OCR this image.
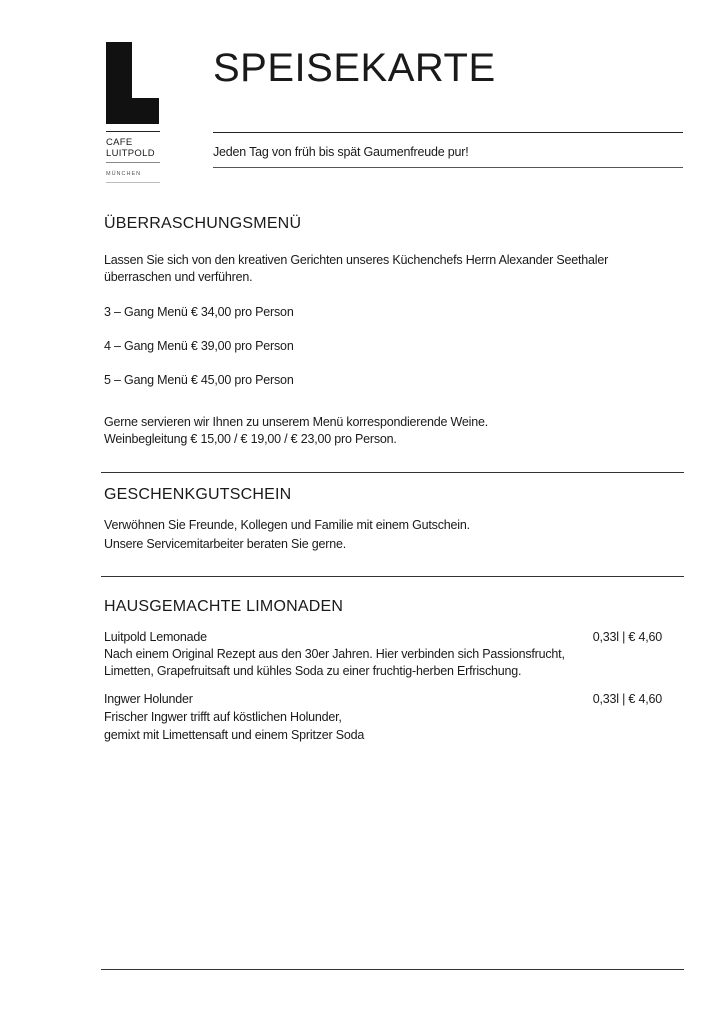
CAFE
LUITPOLD
MÜNCHEN
SPEISEKARTE
Jeden Tag von früh bis spät Gaumenfreude pur!
ÜBERRASCHUNGSMENÜ
Lassen Sie sich von den kreativen Gerichten unseres Küchenchefs Herrn Alexander Seethaler
überraschen und verführen.
3 – Gang Menü € 34,00 pro Person
4 – Gang Menü € 39,00 pro Person
5 – Gang Menü € 45,00 pro Person
Gerne servieren wir Ihnen zu unserem Menü korrespondierende Weine.
Weinbegleitung € 15,00 / € 19,00 / € 23,00 pro Person.
GESCHENKGUTSCHEIN
Verwöhnen Sie Freunde, Kollegen und Familie mit einem Gutschein.
Unsere Servicemitarbeiter beraten Sie gerne.
HAUSGEMACHTE LIMONADEN
Luitpold Lemonade	0,33l | € 4,60
Nach einem Original Rezept aus den 30er Jahren. Hier verbinden sich Passionsfrucht,
Limetten, Grapefruitsaft und kühles Soda zu einer fruchtig-herben Erfrischung.
Ingwer Holunder	0,33l | € 4,60
Frischer Ingwer trifft auf köstlichen Holunder,
gemixt mit Limettensaft und einem Spritzer Soda
